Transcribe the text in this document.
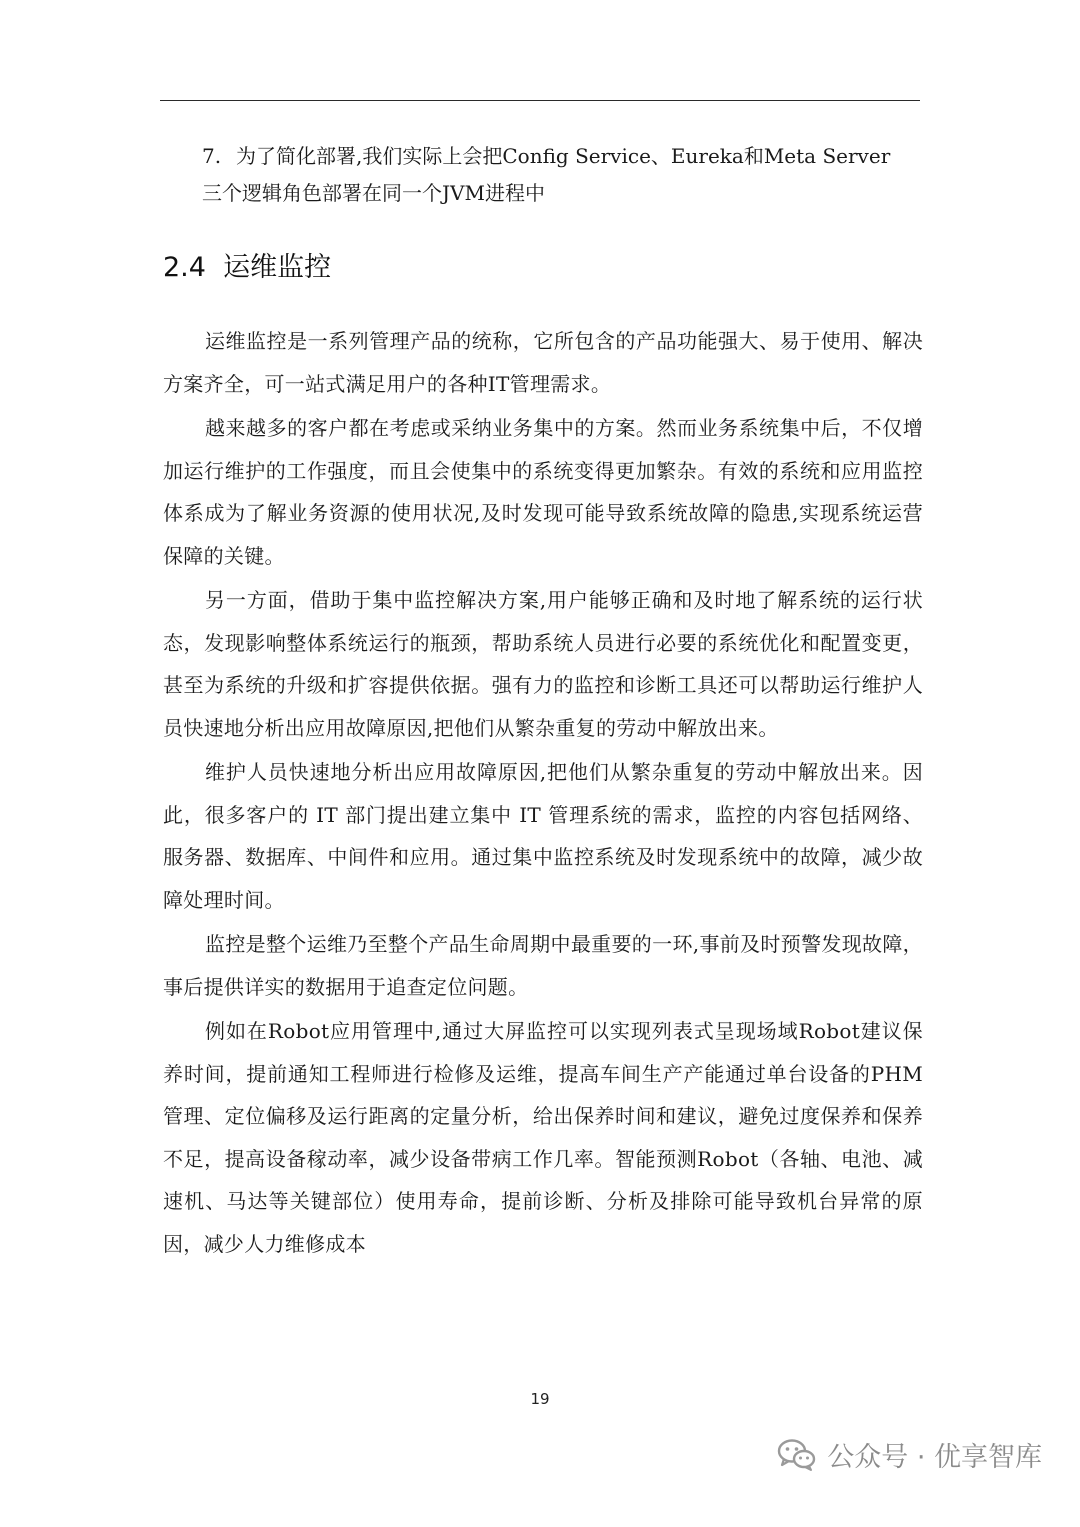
7. 为了简化部署,我们实际上会把Config Service、Eureka和Meta Server
三个逻辑角色部署在同一个JVM进程中
2.4 运维监控

运维监控是一系列管理产品的统称，它所包含的产品功能强大、易于使用、解决方案齐全，可一站式满足用户的各种IT管理需求。

越来越多的客户都在考虑或采纳业务集中的方案。然而业务系统集中后，不仅增加运行维护的工作强度，而且会使集中的系统变得更加繁杂。有效的系统和应用监控体系成为了解业务资源的使用状况,及时发现可能导致系统故障的隐患,实现系统运营保障的关键。

另一方面，借助于集中监控解决方案,用户能够正确和及时地了解系统的运行状态，发现影响整体系统运行的瓶颈，帮助系统人员进行必要的系统优化和配置变更，甚至为系统的升级和扩容提供依据。强有力的监控和诊断工具还可以帮助运行维护人员快速地分析出应用故障原因,把他们从繁杂重复的劳动中解放出来。

维护人员快速地分析出应用故障原因,把他们从繁杂重复的劳动中解放出来。因此，很多客户的 IT 部门提出建立集中 IT 管理系统的需求，监控的内容包括网络、服务器、数据库、中间件和应用。通过集中监控系统及时发现系统中的故障，减少故障处理时间。

监控是整个运维乃至整个产品生命周期中最重要的一环,事前及时预警发现故障，事后提供详实的数据用于追查定位问题。

例如在Robot应用管理中,通过大屏监控可以实现列表式呈现场域Robot建议保养时间，提前通知工程师进行检修及运维，提高车间生产产能通过单台设备的PHM管理、定位偏移及运行距离的定量分析，给出保养时间和建议，避免过度保养和保养不足，提高设备稼动率，减少设备带病工作几率。智能预测Robot（各轴、电池、减速机、马达等关键部位）使用寿命，提前诊断、分析及排除可能导致机台异常的原因，减少人力维修成本

19
公众号 · 优享智库
